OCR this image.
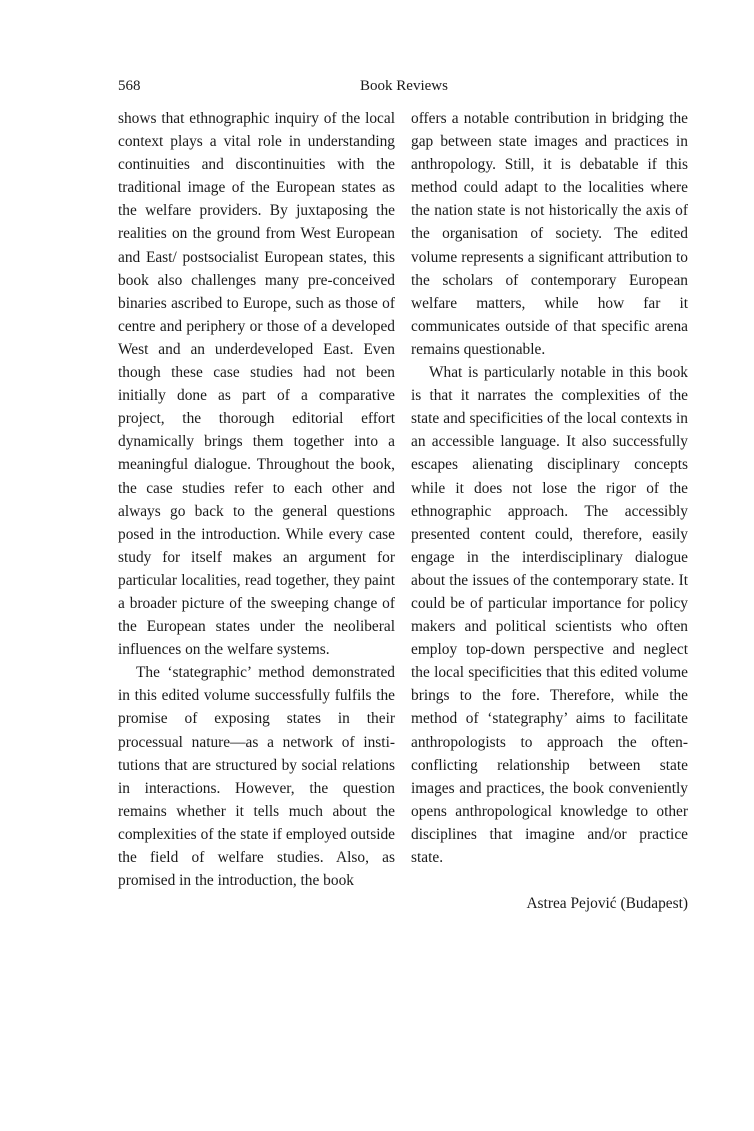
568	Book Reviews

shows that ethnographic inquiry of the local context plays a vital role in understanding continuities and discontinuities with the traditional image of the European states as the welfare providers. By juxtaposing the realities on the ground from West European and East/ postsocialist European states, this book also challenges many pre-conceived binaries ascribed to Europe, such as those of centre and periphery or those of a developed West and an underdeveloped East. Even though these case studies had not been initially done as part of a comparative project, the thorough editorial effort dynamically brings them together into a meaningful dialogue. Throughout the book, the case studies refer to each other and always go back to the general questions posed in the introduction. While every case study for itself makes an argument for particular localities, read together, they paint a broader picture of the sweeping change of the European states under the neoliberal influences on the welfare systems.

The ‘stategraphic’ method demonstrated in this edited volume successfully fulfils the promise of exposing states in their processual nature—as a network of institutions that are structured by social relations in interactions. However, the question remains whether it tells much about the complexities of the state if employed outside the field of welfare studies. Also, as promised in the introduction, the book

offers a notable contribution in bridging the gap between state images and practices in anthropology. Still, it is debatable if this method could adapt to the localities where the nation state is not historically the axis of the organisation of society. The edited volume represents a significant attribution to the scholars of contemporary European welfare matters, while how far it communicates outside of that specific arena remains questionable.

What is particularly notable in this book is that it narrates the complexities of the state and specificities of the local contexts in an accessible language. It also successfully escapes alienating disciplinary concepts while it does not lose the rigor of the ethnographic approach. The accessibly presented content could, therefore, easily engage in the interdisciplinary dialogue about the issues of the contemporary state. It could be of particular importance for policy makers and political scientists who often employ top-down perspective and neglect the local specificities that this edited volume brings to the fore. Therefore, while the method of ‘stategraphy’ aims to facilitate anthropologists to approach the often-conflicting relationship between state images and practices, the book conveniently opens anthropological knowledge to other disciplines that imagine and/or practice state.

Astrea Pejović (Budapest)
